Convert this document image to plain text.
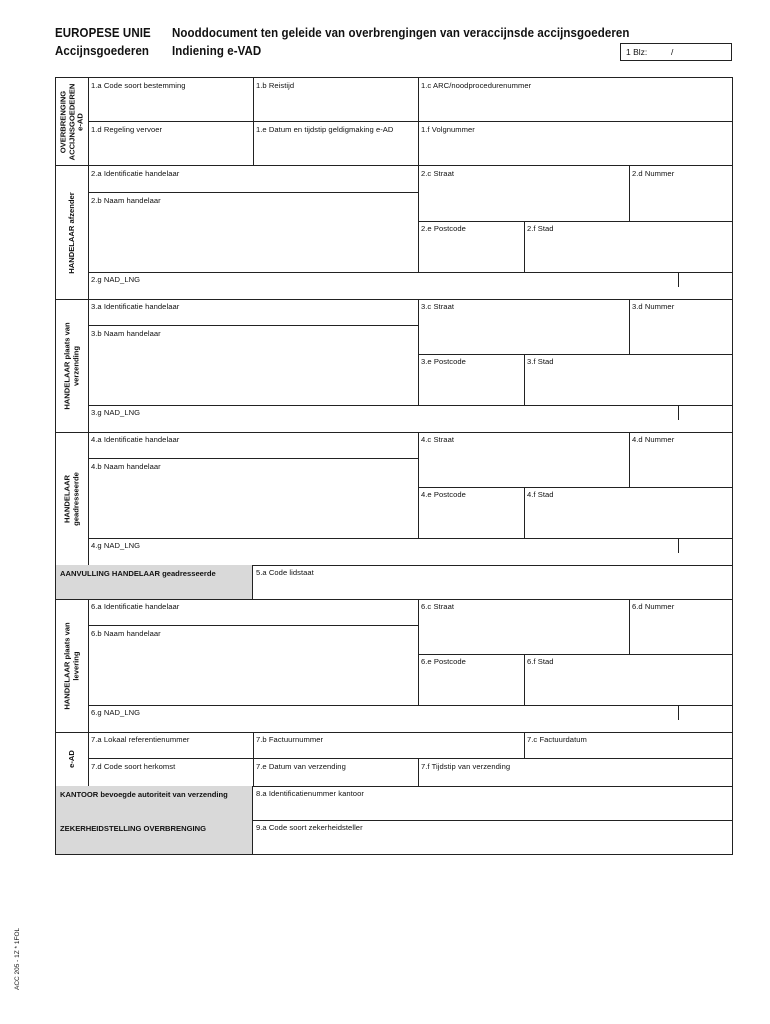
EUROPESE UNIE
Accijnsgoederen
Nooddocument ten geleide van overbrengingen van veraccijnsde accijnsgoederen
Indiening e-VAD	1 Blz:	/
OVERBRENGING
ACCIJNSGOEDEREN
e-AD
1.a Code soort bestemming	1.b Reistijd	1.c ARC/noodprocedurenummer
1.d Regeling vervoer	1.e Datum en tijdstip geldigmaking e-AD	1.f Volgnummer
HANDELAAR afzender
2.a Identificatie handelaar
2.b Naam handelaar
2.c Straat	2.d Nummer
2.e Postcode	2.f Stad
2.g NAD_LNG
HANDELAAR plaats van
verzending
3.a Identificatie handelaar
3.b Naam handelaar
3.c Straat	3.d Nummer
3.e Postcode	3.f Stad
3.g NAD_LNG
HANDELAAR
geadresseerde
4.a Identificatie handelaar
4.b Naam handelaar
4.c Straat	4.d Nummer
4.e Postcode	4.f Stad
4.g NAD_LNG
AANVULLING HANDELAAR geadresseerde	5.a Code lidstaat
HANDELAAR plaats van
levering
6.a Identificatie handelaar
6.b Naam handelaar
6.c Straat	6.d Nummer
6.e Postcode	6.f Stad
6.g NAD_LNG
e-AD
7.a Lokaal referentienummer	7.b Factuurnummer	7.c Factuurdatum
7.d Code soort herkomst	7.e Datum van verzending	7.f Tijdstip van verzending
KANTOOR bevoegde autoriteit van verzending	8.a Identificatienummer kantoor
ZEKERHEIDSTELLING OVERBRENGING	9.a Code soort zekerheidsteller
ACC 205 - 1Z * 1FOL
